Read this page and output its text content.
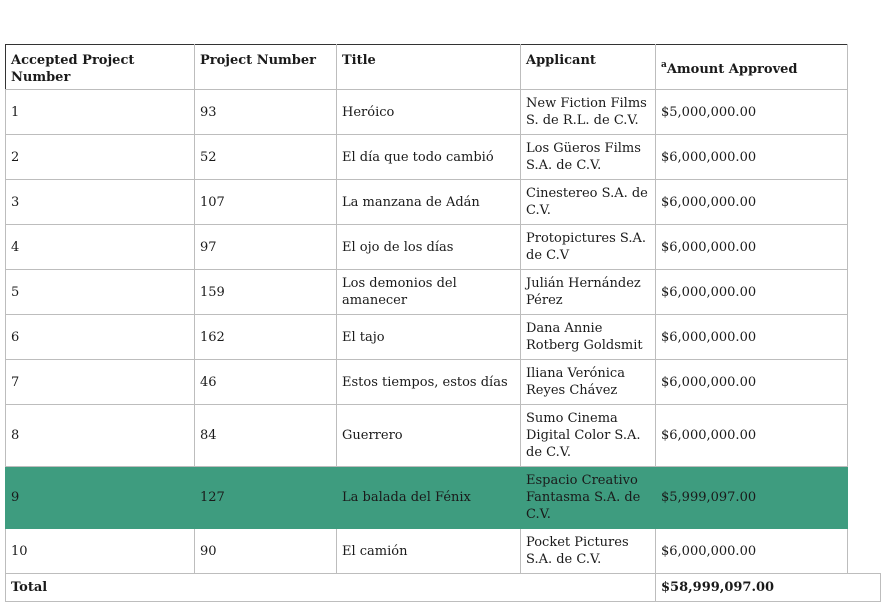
Accepted Project Number	Project Number	Title	Applicant	$^a$Amount Approved	
1	93	Heróico	New Fiction Films S. de R.L. de C.V.	$5,000,000.00	
2	52	El día que todo cambió	Los Güeros Films S.A. de C.V.	$6,000,000.00	
3	107	La manzana de Adán	Cinestereo S.A. de C.V.	$6,000,000.00	
4	97	El ojo de los días	Protopictures S.A. de C.V	$6,000,000.00	
5	159	Los demonios del amanecer	Julián Hernández Pérez	$6,000,000.00	
6	162	El tajo	Dana Annie Rotberg Goldsmit	$6,000,000.00	
7	46	Estos tiempos, estos días	Iliana Verónica Reyes Chávez	$6,000,000.00	
8	84	Guerrero	Sumo Cinema Digital Color S.A. de C.V.	$6,000,000.00	
9	127	La balada del Fénix	Espacio Creativo Fantasma S.A. de C.V.	$5,999,097.00	
10	90	El camión	Pocket Pictures S.A. de C.V.	$6,000,000.00	
Total				$58,999,097.00	
